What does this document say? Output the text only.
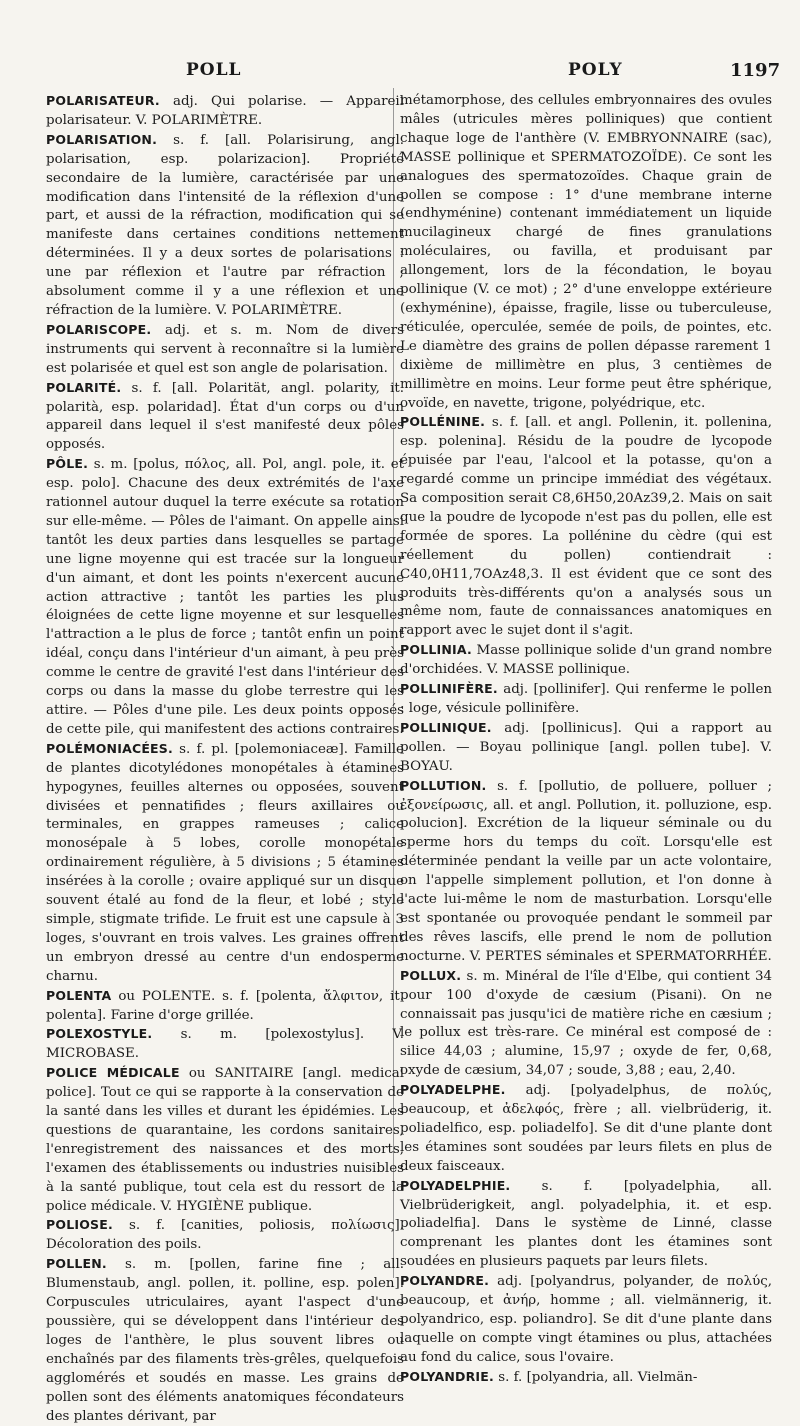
POLL	POLY	1197

POLARISATEUR. adj. Qui polarise. — Appareil polarisateur. V. POLARIMÈTRE.

POLARISATION. s. f. [all. Polarisirung, angl. polarisation, esp. polarizacion]. Propriété secondaire de la lumière, caractérisée par une modification dans l'intensité de la réflexion d'une part, et aussi de la réfraction, modification qui se manifeste dans certaines conditions nettement déterminées. Il y a deux sortes de polarisations : une par réflexion et l'autre par réfraction ; absolument comme il y a une réflexion et une réfraction de la lumière. V. POLARIMÈTRE.

POLARISCOPE. adj. et s. m. Nom de divers instruments qui servent à reconnaître si la lumière est polarisée et quel est son angle de polarisation.

POLARITÉ. s. f. [all. Polarität, angl. polarity, it. polarità, esp. polaridad]. État d'un corps ou d'un appareil dans lequel il s'est manifesté deux pôles opposés.

PÔLE. s. m. [polus, πόλος, all. Pol, angl. pole, it. et esp. polo]. Chacune des deux extrémités de l'axe rationnel autour duquel la terre exécute sa rotation sur elle-même. — Pôles de l'aimant. On appelle ainsi tantôt les deux parties dans lesquelles se partage une ligne moyenne qui est tracée sur la longueur d'un aimant, et dont les points n'exercent aucune action attractive ; tantôt les parties les plus éloignées de cette ligne moyenne et sur lesquelles l'attraction a le plus de force ; tantôt enfin un point idéal, conçu dans l'intérieur d'un aimant, à peu près comme le centre de gravité l'est dans l'intérieur des corps ou dans la masse du globe terrestre qui les attire. — Pôles d'une pile. Les deux points opposés de cette pile, qui manifestent des actions contraires.

POLÉMONIACÉES. s. f. pl. [polemoniaceæ]. Famille de plantes dicotylédones monopétales à étamines hypogynes, feuilles alternes ou opposées, souvent divisées et pennatifides ; fleurs axillaires ou terminales, en grappes rameuses ; calice monosépale à 5 lobes, corolle monopétale ordinairement régulière, à 5 divisions ; 5 étamines insérées à la corolle ; ovaire appliqué sur un disque souvent étalé au fond de la fleur, et lobé ; style simple, stigmate trifide. Le fruit est une capsule à 3 loges, s'ouvrant en trois valves. Les graines offrent un embryon dressé au centre d'un endosperme charnu.

POLENTA ou POLENTE. s. f. [polenta, ἄλφιτον, it. polenta]. Farine d'orge grillée.

POLEXOSTYLE. s. m. [polexostylus]. V. MICROBASE.

POLICE MÉDICALE ou SANITAIRE [angl. medical police]. Tout ce qui se rapporte à la conservation de la santé dans les villes et durant les épidémies. Les questions de quarantaine, les cordons sanitaires, l'enregistrement des naissances et des morts, l'examen des établissements ou industries nuisibles à la santé publique, tout cela est du ressort de la police médicale. V. HYGIÈNE publique.

POLIOSE. s. f. [canities, poliosis, πολίωσις]. Décoloration des poils.

POLLEN. s. m. [pollen, farine fine ; all. Blumenstaub, angl. pollen, it. polline, esp. polen]. Corpuscules utriculaires, ayant l'aspect d'une poussière, qui se développent dans l'intérieur des loges de l'anthère, le plus souvent libres ou enchaînés par des filaments très-grêles, quelquefois agglomérés et soudés en masse. Les grains de pollen sont des éléments anatomiques fécondateurs des plantes dérivant, par

métamorphose, des cellules embryonnaires des ovules mâles (utricules mères polliniques) que contient chaque loge de l'anthère (V. EMBRYONNAIRE (sac), MASSE pollinique et SPERMATOZOÏDE). Ce sont les analogues des spermatozoïdes. Chaque grain de pollen se compose : 1° d'une membrane interne (endhyménine) contenant immédiatement un liquide mucilagineux chargé de fines granulations moléculaires, ou favilla, et produisant par allongement, lors de la fécondation, le boyau pollinique (V. ce mot) ; 2° d'une enveloppe extérieure (exhyménine), épaisse, fragile, lisse ou tuberculeuse, réticulée, operculée, semée de poils, de pointes, etc. Le diamètre des grains de pollen dépasse rarement 1 dixième de millimètre en plus, 3 centièmes de millimètre en moins. Leur forme peut être sphérique, ovoïde, en navette, trigone, polyédrique, etc.

POLLÉNINE. s. f. [all. et angl. Pollenin, it. pollenina, esp. polenina]. Résidu de la poudre de lycopode épuisée par l'eau, l'alcool et la potasse, qu'on a regardé comme un principe immédiat des végétaux. Sa composition serait C8,6H50,20Az39,2. Mais on sait que la poudre de lycopode n'est pas du pollen, elle est formée de spores. La pollénine du cèdre (qui est réellement du pollen) contiendrait : C40,0H11,7OAz48,3. Il est évident que ce sont des produits très-différents qu'on a analysés sous un même nom, faute de connaissances anatomiques en rapport avec le sujet dont il s'agit.

POLLINIA. Masse pollinique solide d'un grand nombre d'orchidées. V. MASSE pollinique.

POLLINIFÈRE. adj. [pollinifer]. Qui renferme le pollen : loge, vésicule pollinifère.

POLLINIQUE. adj. [pollinicus]. Qui a rapport au pollen. — Boyau pollinique [angl. pollen tube]. V. BOYAU.

POLLUTION. s. f. [pollutio, de polluere, polluer ; ἐξονείρωσις, all. et angl. Pollution, it. polluzione, esp. polucion]. Excrétion de la liqueur séminale ou du sperme hors du temps du coït. Lorsqu'elle est déterminée pendant la veille par un acte volontaire, on l'appelle simplement pollution, et l'on donne à l'acte lui-même le nom de masturbation. Lorsqu'elle est spontanée ou provoquée pendant le sommeil par des rêves lascifs, elle prend le nom de pollution nocturne. V. PERTES séminales et SPERMATORRHÉE.

POLLUX. s. m. Minéral de l'île d'Elbe, qui contient 34 pour 100 d'oxyde de cæsium (Pisani). On ne connaissait pas jusqu'ici de matière riche en cæsium ; le pollux est très-rare. Ce minéral est composé de : silice 44,03 ; alumine, 15,97 ; oxyde de fer, 0,68, oxyde de cæsium, 34,07 ; soude, 3,88 ; eau, 2,40.

POLYADELPHE. adj. [polyadelphus, de πολύς, beaucoup, et ἀδελφός, frère ; all. vielbrüderig, it. poliadelfico, esp. poliadelfo]. Se dit d'une plante dont les étamines sont soudées par leurs filets en plus de deux faisceaux.

POLYADELPHIE. s. f. [polyadelphia, all. Vielbrüderigkeit, angl. polyadelphia, it. et esp. poliadelfia]. Dans le système de Linné, classe comprenant les plantes dont les étamines sont soudées en plusieurs paquets par leurs filets.

POLYANDRE. adj. [polyandrus, polyander, de πολύς, beaucoup, et ἀνήρ, homme ; all. vielmännerig, it. polyandrico, esp. poliandro]. Se dit d'une plante dans laquelle on compte vingt étamines ou plus, attachées au fond du calice, sous l'ovaire.

POLYANDRIE. s. f. [polyandria, all. Vielmän-
